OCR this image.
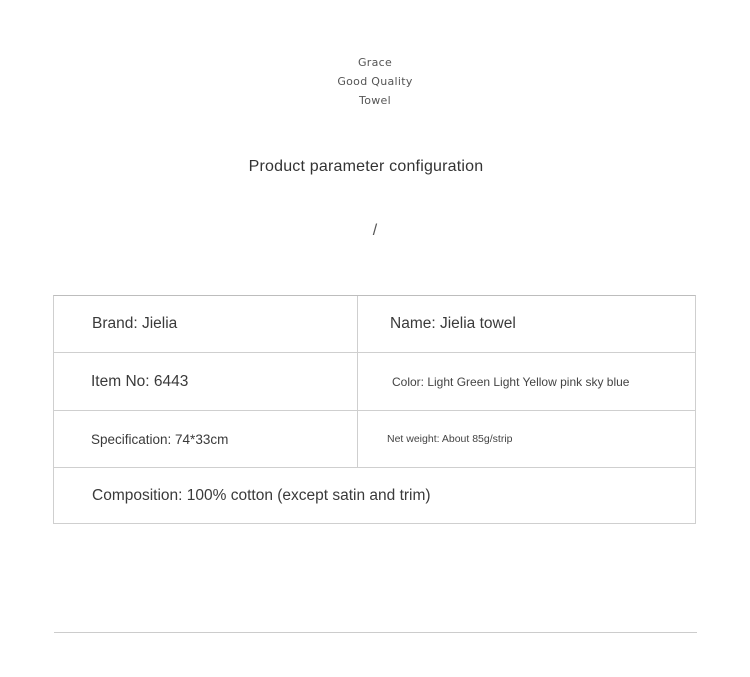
Grace
Good Quality
Towel
Product parameter configuration
/
Brand: Jielia	Name: Jielia towel
Item No: 6443	Color: Light Green Light Yellow pink sky blue
Specification: 74*33cm	Net weight: About 85g/strip
Composition: 100% cotton (except satin and trim)
